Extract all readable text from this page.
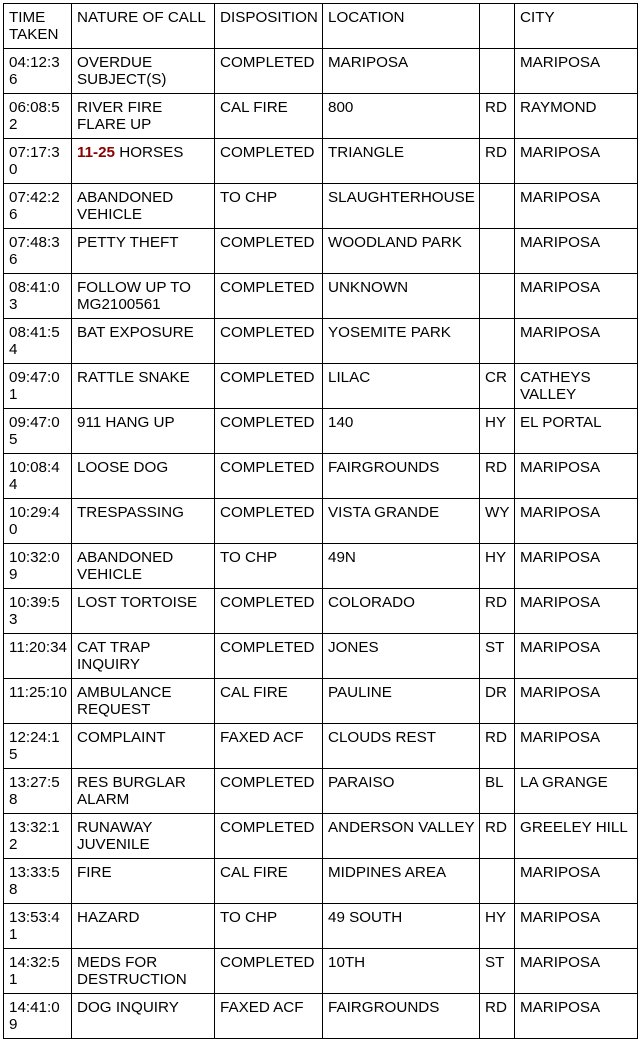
TIME TAKEN	NATURE OF CALL	DISPOSITION	LOCATION		CITY
04:12:36	OVERDUE SUBJECT(S)	COMPLETED	MARIPOSA		MARIPOSA
06:08:52	RIVER FIRE FLARE UP	CAL FIRE	800	RD	RAYMOND
07:17:30	11-25 HORSES	COMPLETED	TRIANGLE	RD	MARIPOSA
07:42:26	ABANDONED VEHICLE	TO CHP	SLAUGHTERHOUSE		MARIPOSA
07:48:36	PETTY THEFT	COMPLETED	WOODLAND PARK		MARIPOSA
08:41:03	FOLLOW UP TO MG2100561	COMPLETED	UNKNOWN		MARIPOSA
08:41:54	BAT EXPOSURE	COMPLETED	YOSEMITE PARK		MARIPOSA
09:47:01	RATTLE SNAKE	COMPLETED	LILAC	CR	CATHEYS VALLEY
09:47:05	911 HANG UP	COMPLETED	140	HY	EL PORTAL
10:08:44	LOOSE DOG	COMPLETED	FAIRGROUNDS	RD	MARIPOSA
10:29:40	TRESPASSING	COMPLETED	VISTA GRANDE	WY	MARIPOSA
10:32:09	ABANDONED VEHICLE	TO CHP	49N	HY	MARIPOSA
10:39:53	LOST TORTOISE	COMPLETED	COLORADO	RD	MARIPOSA
11:20:34	CAT TRAP INQUIRY	COMPLETED	JONES	ST	MARIPOSA
11:25:10	AMBULANCE REQUEST	CAL FIRE	PAULINE	DR	MARIPOSA
12:24:15	COMPLAINT	FAXED ACF	CLOUDS REST	RD	MARIPOSA
13:27:58	RES BURGLAR ALARM	COMPLETED	PARAISO	BL	LA GRANGE
13:32:12	RUNAWAY JUVENILE	COMPLETED	ANDERSON VALLEY	RD	GREELEY HILL
13:33:58	FIRE	CAL FIRE	MIDPINES AREA		MARIPOSA
13:53:41	HAZARD	TO CHP	49 SOUTH	HY	MARIPOSA
14:32:51	MEDS FOR DESTRUCTION	COMPLETED	10TH	ST	MARIPOSA
14:41:09	DOG INQUIRY	FAXED ACF	FAIRGROUNDS	RD	MARIPOSA
